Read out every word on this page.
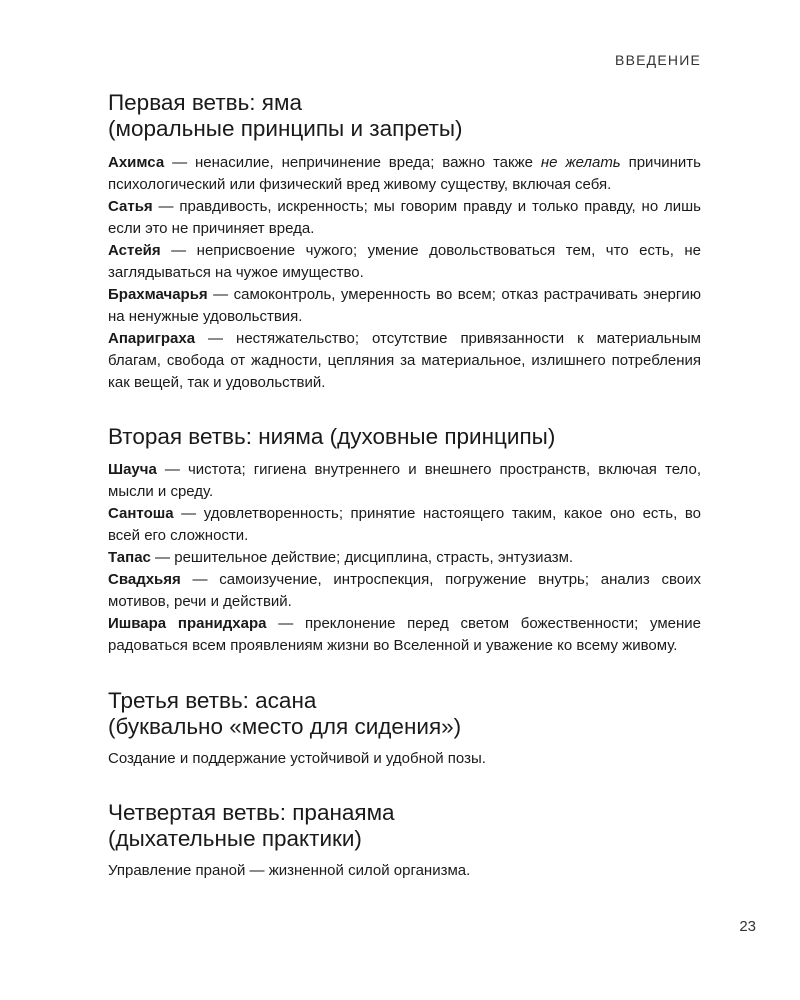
ВВЕДЕНИЕ
Первая ветвь: яма
(моральные принципы и запреты)

Ахимса — ненасилие, непричинение вреда; важно также не желать причинить психологический или физический вред живому существу, включая себя.

Сатья — правдивость, искренность; мы говорим правду и только правду, но лишь если это не причиняет вреда.

Астейя — неприсвоение чужого; умение довольствоваться тем, что есть, не заглядываться на чужое имущество.

Брахмачарья — самоконтроль, умеренность во всем; отказ растрачивать энергию на ненужные удовольствия.

Апариграха — нестяжательство; отсутствие привязанности к материальным благам, свобода от жадности, цепляния за материальное, излишнего потребления как вещей, так и удовольствий.

Вторая ветвь: нияма (духовные принципы)

Шауча — чистота; гигиена внутреннего и внешнего пространств, включая тело, мысли и среду.

Сантоша — удовлетворенность; принятие настоящего таким, какое оно есть, во всей его сложности.

Тапас — решительное действие; дисциплина, страсть, энтузиазм.

Свадхьяя — самоизучение, интроспекция, погружение внутрь; анализ своих мотивов, речи и действий.

Ишвара пранидхара — преклонение перед светом божественности; умение радоваться всем проявлениям жизни во Вселенной и уважение ко всему живому.

Третья ветвь: асана
(буквально «место для сидения»)

Создание и поддержание устойчивой и удобной позы.

Четвертая ветвь: пранаяма
(дыхательные практики)

Управление праной — жизненной силой организма.

23
